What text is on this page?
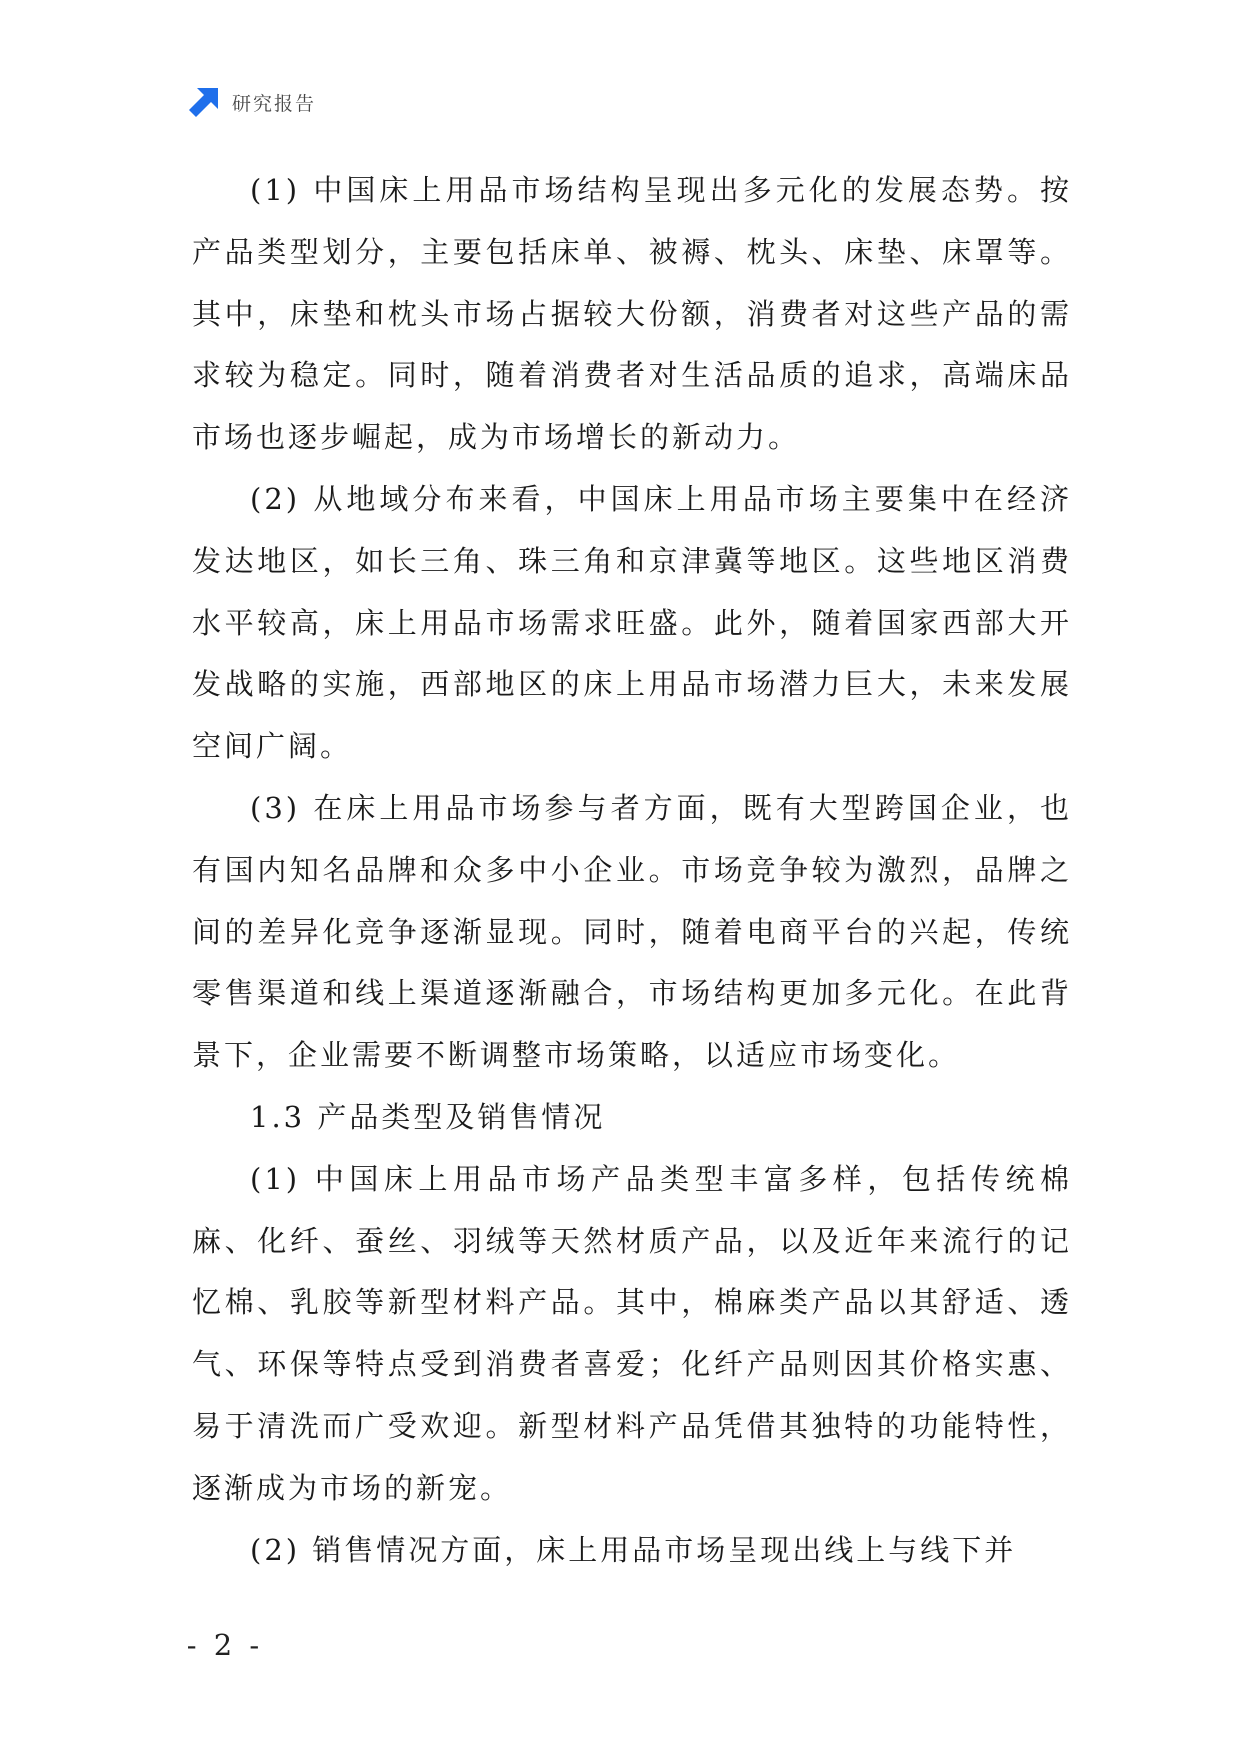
研究报告

(1) 中国床上用品市场结构呈现出多元化的发展态势。按产品类型划分，主要包括床单、被褥、枕头、床垫、床罩等。其中，床垫和枕头市场占据较大份额，消费者对这些产品的需求较为稳定。同时，随着消费者对生活品质的追求，高端床品市场也逐步崛起，成为市场增长的新动力。

(2) 从地域分布来看，中国床上用品市场主要集中在经济发达地区，如长三角、珠三角和京津冀等地区。这些地区消费水平较高，床上用品市场需求旺盛。此外，随着国家西部大开发战略的实施，西部地区的床上用品市场潜力巨大，未来发展空间广阔。

(3) 在床上用品市场参与者方面，既有大型跨国企业，也有国内知名品牌和众多中小企业。市场竞争较为激烈，品牌之间的差异化竞争逐渐显现。同时，随着电商平台的兴起，传统零售渠道和线上渠道逐渐融合，市场结构更加多元化。在此背景下，企业需要不断调整市场策略，以适应市场变化。

1.3 产品类型及销售情况

(1) 中国床上用品市场产品类型丰富多样，包括传统棉麻、化纤、蚕丝、羽绒等天然材质产品，以及近年来流行的记忆棉、乳胶等新型材料产品。其中，棉麻类产品以其舒适、透气、环保等特点受到消费者喜爱；化纤产品则因其价格实惠、易于清洗而广受欢迎。新型材料产品凭借其独特的功能特性，逐渐成为市场的新宠。

(2) 销售情况方面，床上用品市场呈现出线上与线下并

- 2 -
